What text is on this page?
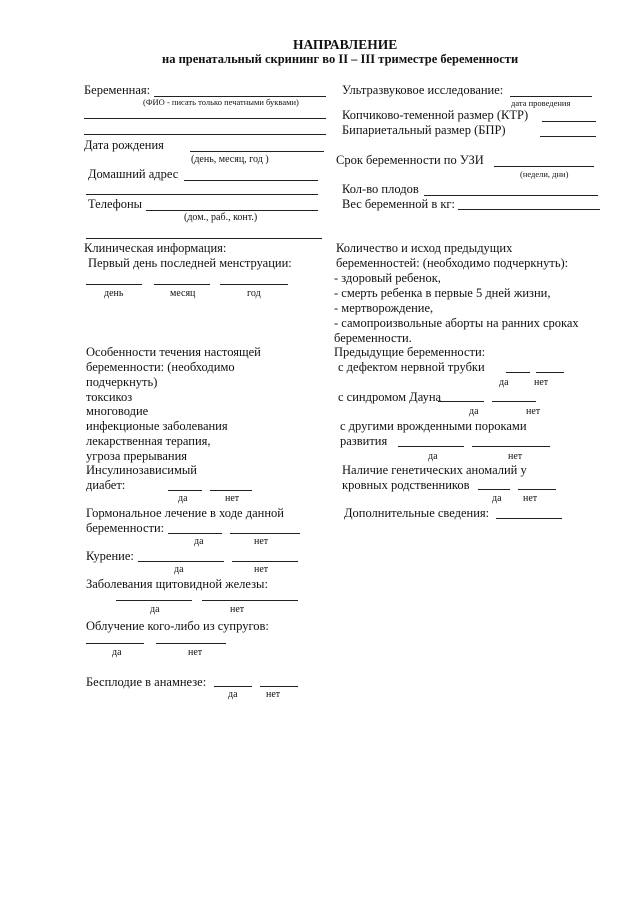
НАПРАВЛЕНИЕ
на пренатальный скрининг во II – III триместре беременности
Беременная:
(ФИО - писать только печатными буквами)
Дата рождения
(день, месяц, год )
Домашний адрес
Телефоны
(дом., раб., конт.)
Клиническая информация:
Первый день последней менструации:
день	месяц	год
Особенности течения настоящей
беременности: (необходимо
подчеркнуть)
токсикоз
многоводие
инфекционые заболевания
лекарственная терапия,
угроза прерывания
Инсулинозависимый
диабет:
да	нет
Гормональное лечение в ходе данной
беременности:
да	нет
Курение:
да	нет
Заболевания щитовидной железы:
да	нет
Облучение кого-либо из супругов:
да	нет
Бесплодие в анамнезе:
да	нет
Ультразвуковое исследование:
дата проведения
Копчиково-теменной размер (КТР)
Бипариетальный размер (БПР)
Срок беременности по УЗИ
(недели, дни)
Кол-во плодов
Вес беременной в кг:
Количество и исход предыдущих
беременностей: (необходимо подчеркнуть):
- здоровый ребенок,
- смерть ребенка в первые 5 дней жизни,
- мертворождение,
- самопроизвольные аборты на ранних сроках
беременности.
Предыдущие беременности:
с дефектом нервной трубки
да	нет
с синдромом Дауна
да	нет
с другими врожденными пороками
развития
да	нет
Наличие генетических аномалий у
кровных родственников
да нет
Дополнительные сведения:
